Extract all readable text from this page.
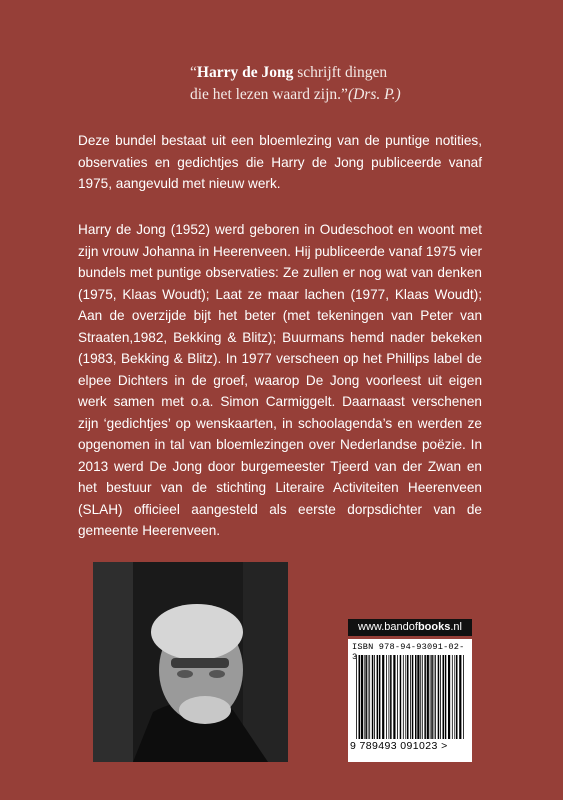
“Harry de Jong schrijft dingen
die het lezen waard zijn.”(Drs. P.)

Deze bundel bestaat uit een bloemlezing van de puntige notities, observaties en gedichtjes die Harry de Jong publiceerde vanaf 1975, aangevuld met nieuw werk.

Harry de Jong (1952) werd geboren in Oudeschoot en woont met zijn vrouw Johanna in Heerenveen. Hij publiceerde vanaf 1975 vier bundels met puntige observaties: Ze zullen er nog wat van denken (1975, Klaas Woudt); Laat ze maar lachen (1977, Klaas Woudt); Aan de overzijde bijt het beter (met tekeningen van Peter van Straaten,1982, Bekking & Blitz); Buurmans hemd nader bekeken (1983, Bekking & Blitz). In 1977 verscheen op het Phillips label de elpee Dichters in de groef, waarop De Jong voorleest uit eigen werk samen met o.a. Simon Carmiggelt. Daarnaast verschenen zijn ‘gedichtjes’ op wenskaarten, in schoolagenda’s en werden ze opgenomen in tal van bloemlezingen over Nederlandse poëzie. In 2013 werd De Jong door burgemeester Tjeerd van der Zwan en het bestuur van de stichting Literaire Activiteiten Heerenveen (SLAH) officieel aangesteld als eerste dorpsdichter van de gemeente Heerenveen.

www.bandofbooks.nl
ISBN 978-94-93091-02-3
9 789493 091023 >
